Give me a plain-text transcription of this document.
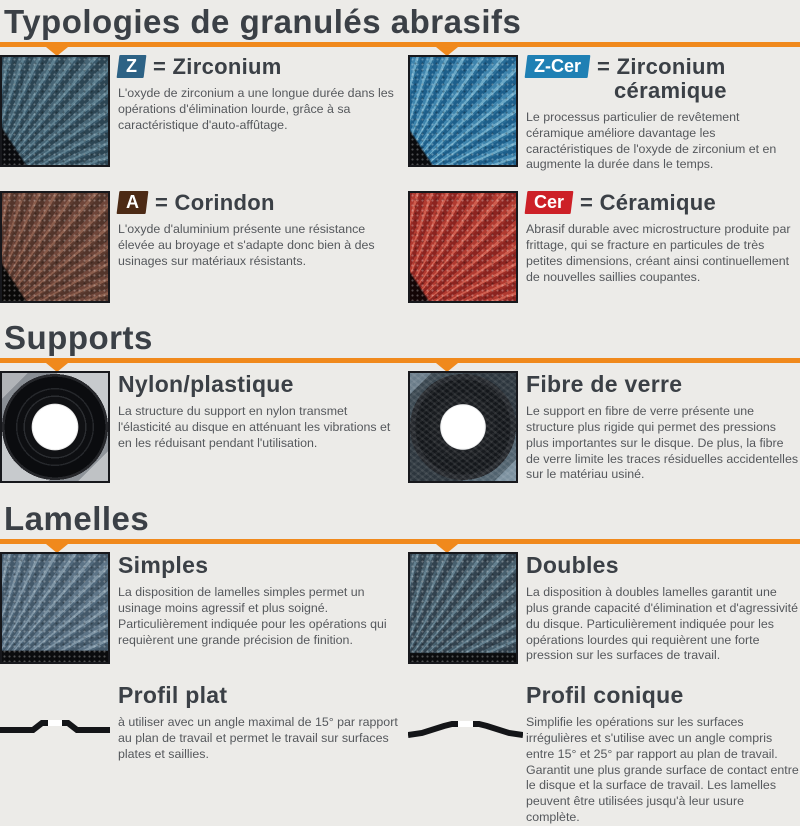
Typologies de granulés abrasifs
Z = Zirconium
L'oxyde de zirconium a une longue durée dans les opérations d'élimination lourde, grâce à sa caractéristique d'auto-affûtage.
Z-Cer = Zirconium
céramique
Le processus particulier de revêtement céramique améliore davantage les caractéristiques de l'oxyde de zirconium et en augmente la durée dans le temps.
A = Corindon
L'oxyde d'aluminium présente une résistance élevée au broyage et s'adapte donc bien à des usinages sur matériaux résistants.
Cer = Céramique
Abrasif durable avec microstructure produite par frittage, qui se fracture en particules de très petites dimensions, créant ainsi continuellement de nouvelles saillies coupantes.
Supports
Nylon/plastique
La structure du support en nylon transmet l'élasticité au disque en atténuant les vibrations et en les réduisant pendant l'utilisation.
Fibre de verre
Le support en fibre de verre présente une structure plus rigide qui permet des pressions plus importantes sur le disque. De plus, la fibre de verre limite les traces résiduelles accidentelles sur le matériau usiné.
Lamelles
Simples
La disposition de lamelles simples permet un usinage moins agressif et plus soigné. Particulièrement indiquée pour les opérations qui requièrent une grande précision de finition.
Doubles
La disposition à doubles lamelles garantit une plus grande capacité d'élimination et d'agressivité du disque. Particulièrement indiquée pour les opérations lourdes qui requièrent une forte pression sur les surfaces de travail.
Profil plat
à utiliser avec un angle maximal de 15° par rapport au plan de travail et permet le travail sur surfaces plates et saillies.
Profil conique
Simplifie les opérations sur les surfaces irrégulières et s'utilise avec un angle compris entre 15° et 25° par rapport au plan de travail. Garantit une plus grande surface de contact entre le disque et la surface de travail. Les lamelles peuvent être utilisées jusqu'à leur usure complète.
